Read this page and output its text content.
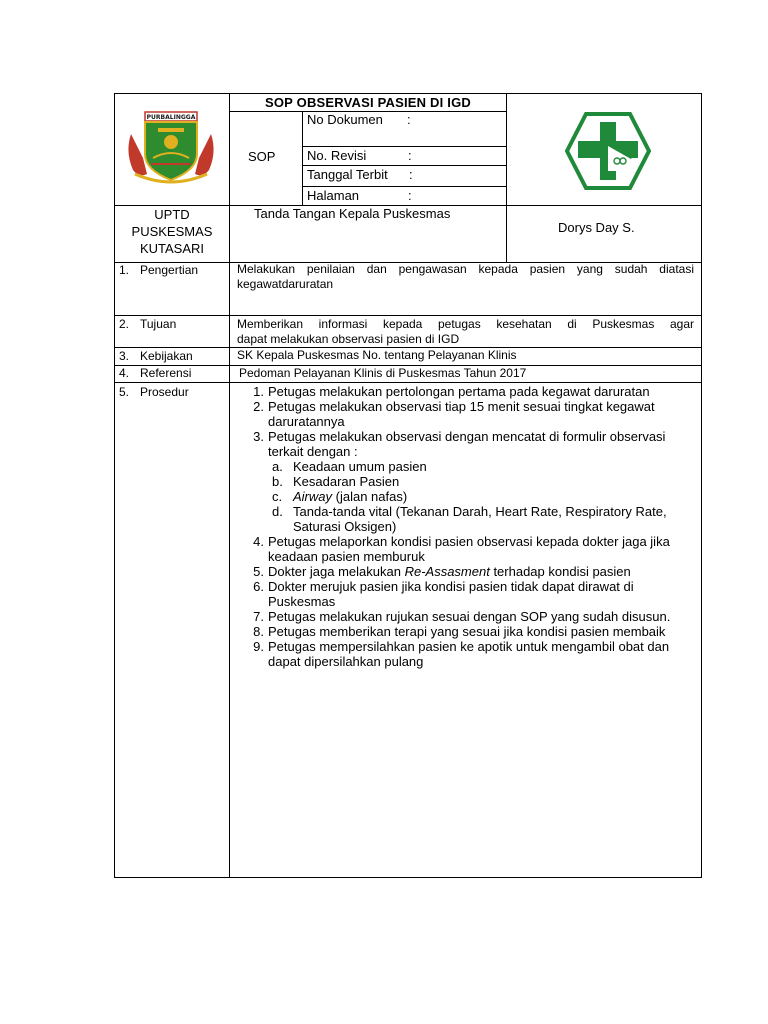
PURBALINGGA
SOP OBSERVASI PASIEN DI IGD
SOP
No Dokumen :
No. Revisi	:
Tanggal Terbit :
Halaman	:
UPTD
PUSKESMAS
KUTASARI
Tanda Tangan Kepala Puskesmas
Dorys Day S.
1. Pengertian
2. Tujuan
3. Kebijakan
4. Referensi
5. Prosedur
Melakukan penilaian dan pengawasan kepada pasien yang sudah diatasi
kegawatdaruratan
Memberikan informasi kepada petugas kesehatan di Puskesmas agar
dapat melakukan observasi pasien di IGD
SK Kepala Puskesmas No. tentang Pelayanan Klinis
Pedoman Pelayanan Klinis di Puskesmas Tahun 2017
1. Petugas melakukan pertolongan pertama pada kegawat daruratan
2. Petugas melakukan observasi tiap 15 menit sesuai tingkat kegawat daruratannya
3. Petugas melakukan observasi dengan mencatat di formulir observasi terkait dengan :
a. Keadaan umum pasien
b. Kesadaran Pasien
c. Airway (jalan nafas)
d. Tanda-tanda vital (Tekanan Darah, Heart Rate, Respiratory Rate, Saturasi Oksigen)
4. Petugas melaporkan kondisi pasien observasi kepada dokter jaga jika keadaan pasien memburuk
5. Dokter jaga melakukan Re-Assasment terhadap kondisi pasien
6. Dokter merujuk pasien jika kondisi pasien tidak dapat dirawat di Puskesmas
7. Petugas melakukan rujukan sesuai dengan SOP yang sudah disusun.
8. Petugas memberikan terapi yang sesuai jika kondisi pasien membaik
9. Petugas mempersilahkan pasien ke apotik untuk mengambil obat dan dapat dipersilahkan pulang
